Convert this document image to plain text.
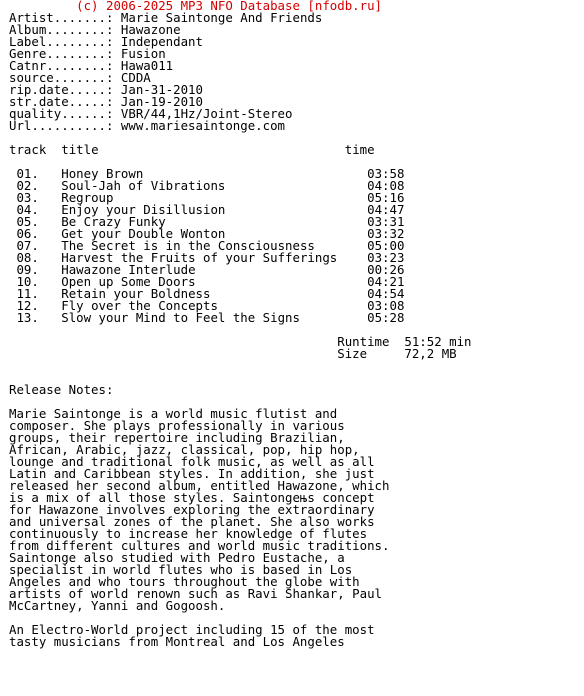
(c) 2006-2025 MP3 NFO Database [nfodb.ru]
Artist.......: Marie Saintonge And Friends
Album........: Hawazone
Label........: Independant
Genre........: Fusion
Catnr........: Hawa011
source.......: CDDA
rip.date.....: Jan-31-2010
str.date.....: Jan-19-2010
quality......: VBR/44,1Hz/Joint-Stereo
Url..........: www.mariesaintonge.com

track title	time

01. Honey Brown	03:58
02. Soul-Jah of Vibrations	04:08
03. Regroup	05:16
04. Enjoy your Disillusion	04:47
05. Be Crazy Funky	03:31
06. Get your Double Wonton	03:32
07. The Secret is in the Consciousness	05:00
08. Harvest the Fruits of your Sufferings 03:23
09. Hawazone Interlude	00:26
10. Open up Some Doors	04:21
11. Retain your Boldness	04:54
12. Fly over the Concepts	03:08
13. Slow your Mind to Feel the Signs	05:28

Runtime 51:52 min
Size	72,2 MB

Release Notes:

Marie Saintonge is a world music flutist and
composer. She plays professionally in various
groups, their repertoire including Brazilian,
African, Arabic, jazz, classical, pop, hip hop,
lounge and traditional folk music, as well as all
Latin and Caribbean styles. In addition, she just
released her second album, entitled Hawazone, which
is a mix of all those styles. Saintongeњs concept
for Hawazone involves exploring the extraordinary
and universal zones of the planet. She also works
continuously to increase her knowledge of flutes
from different cultures and world music traditions.
Saintonge also studied with Pedro Eustache, a
specialist in world flutes who is based in Los
Angeles and who tours throughout the globe with
artists of world renown such as Ravi Shankar, Paul
McCartney, Yanni and Gogoosh.

An Electro-World project including 15 of the most
tasty musicians from Montreal and Los Angeles
